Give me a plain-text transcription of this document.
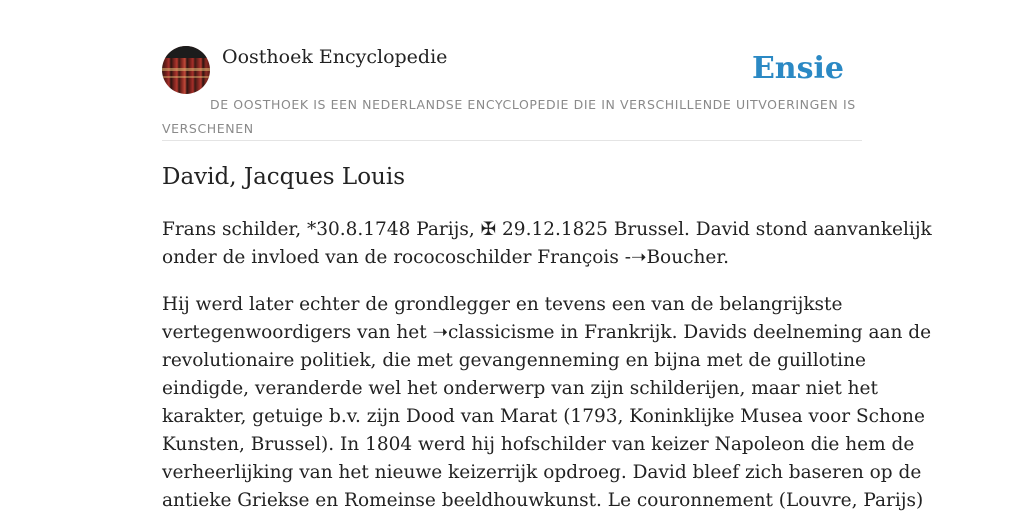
Oosthoek Encyclopedie	Ensie
DE OOSTHOEK IS EEN NEDERLANDSE ENCYCLOPEDIE DIE IN VERSCHILLENDE UITVOERINGEN IS VERSCHENEN
David, Jacques Louis

Frans schilder, *30.8.1748 Parijs, ✠ 29.12.1825 Brussel. David stond aanvankelijk
onder de invloed van de rococoschilder François -➝Boucher.

Hij werd later echter de grondlegger en tevens een van de belangrijkste
vertegenwoordigers van het ➝classicisme in Frankrijk. Davids deelneming aan de
revolutionaire politiek, die met gevangenneming en bijna met de guillotine
eindigde, veranderde wel het onderwerp van zijn schilderijen, maar niet het
karakter, getuige b.v. zijn Dood van Marat (1793, Koninklijke Musea voor Schone
Kunsten, Brussel). In 1804 werd hij hofschilder van keizer Napoleon die hem de
verheerlijking van het nieuwe keizerrijk opdroeg. David bleef zich baseren op de
antieke Griekse en Romeinse beeldhouwkunst. Le couronnement (Louvre, Parijs)
